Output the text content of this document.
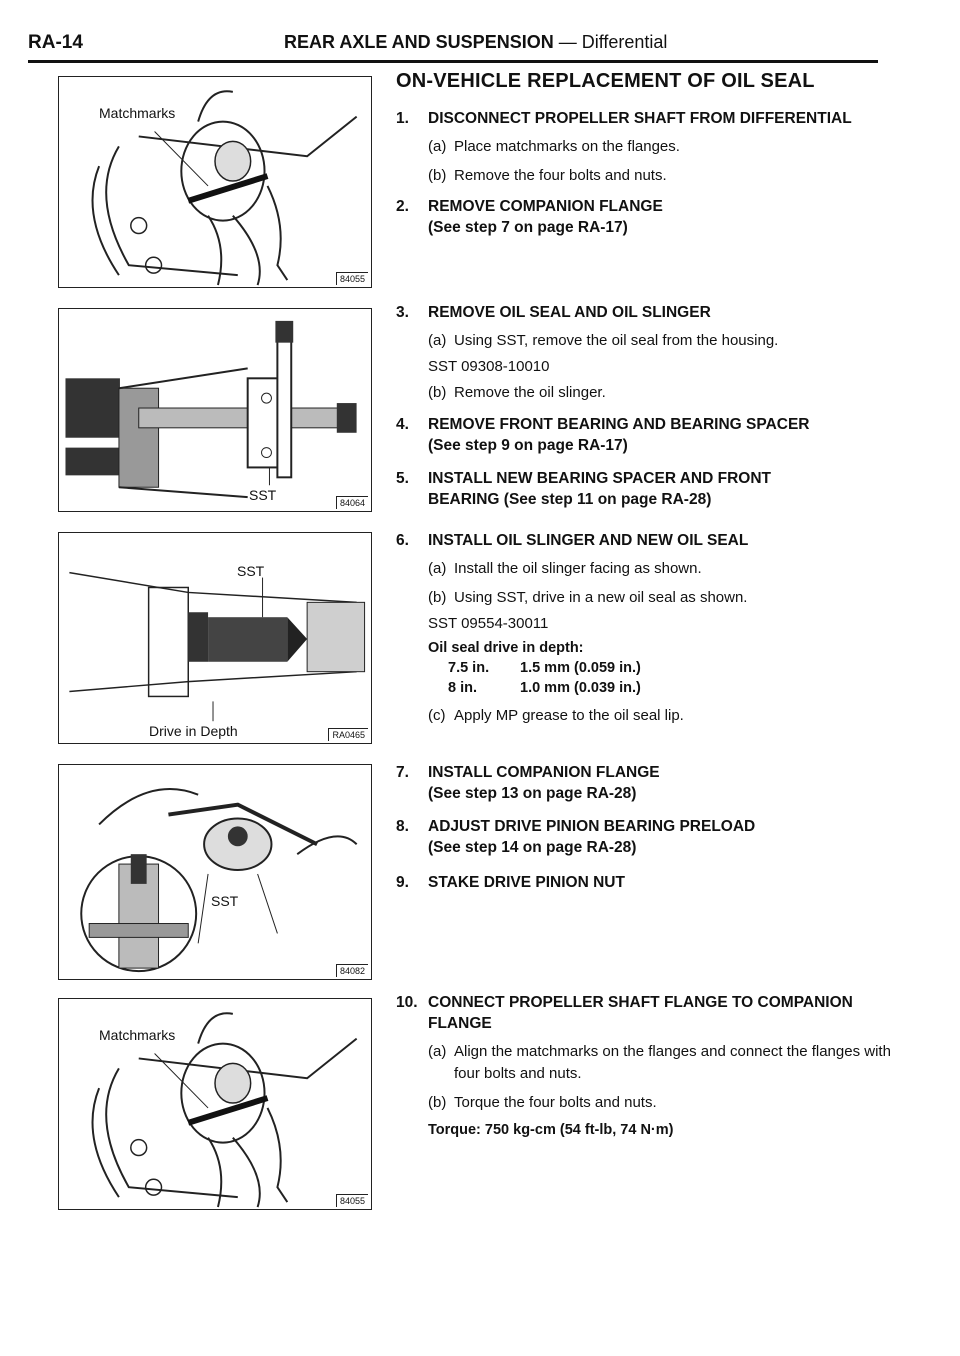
RA-14	REAR AXLE AND SUSPENSION — Differential
Matchmarks
84055
SST	84064
SST
Drive in Depth	RA0465
SST
84082
Matchmarks
84055
ON-VEHICLE REPLACEMENT OF OIL SEAL
1.	DISCONNECT PROPELLER SHAFT FROM DIFFERENTIAL
(a) Place matchmarks on the flanges.
(b) Remove the four bolts and nuts.
2.	REMOVE COMPANION FLANGE
(See step 7 on page RA-17)
3.	REMOVE OIL SEAL AND OIL SLINGER
(a) Using SST, remove the oil seal from the housing.
SST 09308-10010
(b) Remove the oil slinger.
4.	REMOVE FRONT BEARING AND BEARING SPACER
(See step 9 on page RA-17)
5.	INSTALL NEW BEARING SPACER AND FRONT
BEARING (See step 11 on page RA-28)
6.	INSTALL OIL SLINGER AND NEW OIL SEAL
(a) Install the oil slinger facing as shown.
(b) Using SST, drive in a new oil seal as shown.
SST 09554-30011
Oil seal drive in depth:
7.5 in.	1.5 mm (0.059 in.)
8 in.	1.0 mm (0.039 in.)
(c) Apply MP grease to the oil seal lip.
7.	INSTALL COMPANION FLANGE
(See step 13 on page RA-28)
8.	ADJUST DRIVE PINION BEARING PRELOAD
(See step 14 on page RA-28)
9.	STAKE DRIVE PINION NUT
10. CONNECT PROPELLER SHAFT FLANGE TO COMPANION
FLANGE
(a) Align the matchmarks on the flanges and connect the flanges with four bolts and nuts.
(b) Torque the four bolts and nuts.
Torque: 750 kg-cm (54 ft-lb, 74 N·m)
